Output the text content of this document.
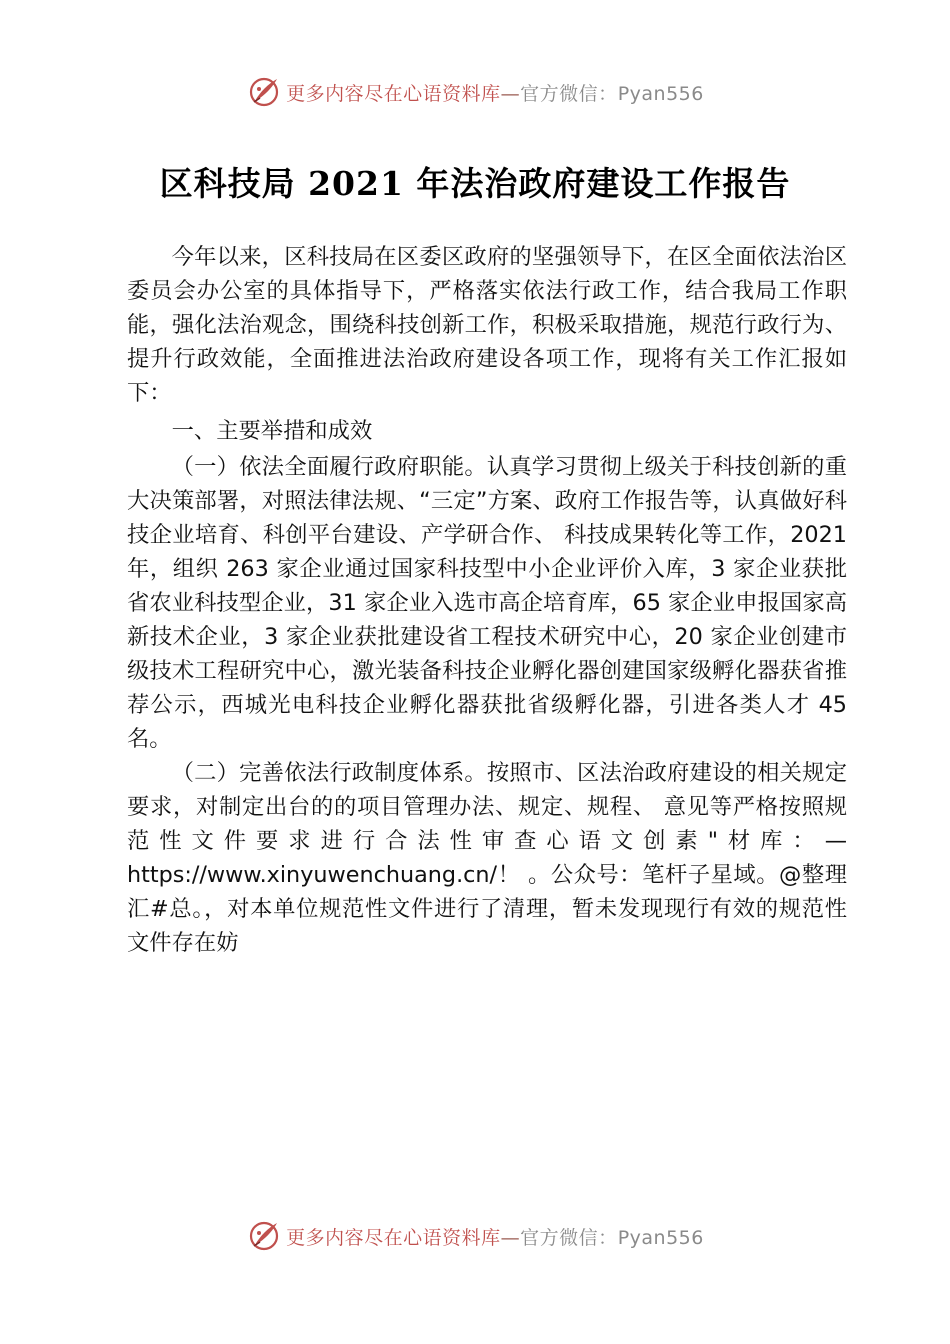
更多内容尽在心语资料库—官方微信：Pyan556
区科技局 2021 年法治政府建设工作报告

今年以来，区科技局在区委区政府的坚强领导下，在区全面依法治区委员会办公室的具体指导下，严格落实依法行政工作，结合我局工作职能，强化法治观念，围绕科技创新工作，积极采取措施，规范行政行为、提升行政效能，全面推进法治政府建设各项工作，现将有关工作汇报如下：

一、主要举措和成效

（一）依法全面履行政府职能。认真学习贯彻上级关于科技创新的重大决策部署，对照法律法规、“三定”方案、政府工作报告等，认真做好科技企业培育、科创平台建设、产学研合作、 科技成果转化等工作，2021 年，组织 263 家企业通过国家科技型中小企业评价入库，3 家企业获批省农业科技型企业，31 家企业入选市高企培育库，65 家企业申报国家高新技术企业，3 家企业获批建设省工程技术研究中心，20 家企业创建市级技术工程研究中心，激光装备科技企业孵化器创建国家级孵化器获省推荐公示，西城光电科技企业孵化器获批省级孵化器，引进各类人才 45 名。

（二）完善依法行政制度体系。按照市、区法治政府建设的相关规定要求，对制定出台的的项目管理办法、规定、规程、 意见等严格按照规范性文件要求进行合法性审查心语文创素"材库：—https://www.xinyuwenchuang.cn/！ 。公众号：笔杆子星域。@整理汇#总。，对本单位规范性文件进行了清理，暂未发现现行有效的规范性文件存在妨

更多内容尽在心语资料库—官方微信：Pyan556
